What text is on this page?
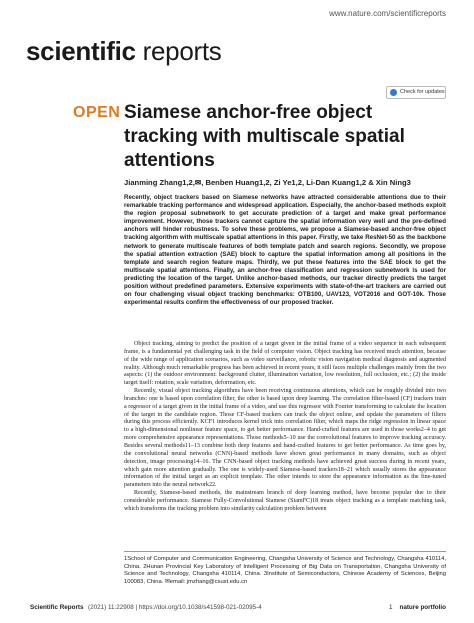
www.nature.com/scientificreports
scientific reports
Check for updates
OPEN Siamese anchor-free object tracking with multiscale spatial attentions
Jianming Zhang1,2,✉, Benben Huang1,2, Zi Ye1,2, Li-Dan Kuang1,2 & Xin Ning3
Recently, object trackers based on Siamese networks have attracted considerable attentions due to their remarkable tracking performance and widespread application. Especially, the anchor-based methods exploit the region proposal subnetwork to get accurate prediction of a target and make great performance improvement. However, those trackers cannot capture the spatial information very well and the pre-defined anchors will hinder robustness. To solve these problems, we propose a Siamese-based anchor-free object tracking algorithm with multiscale spatial attentions in this paper. Firstly, we take ResNet-50 as the backbone network to generate multiscale features of both template patch and search regions. Secondly, we propose the spatial attention extraction (SAE) block to capture the spatial information among all positions in the template and search region feature maps. Thirdly, we put these features into the SAE block to get the multiscale spatial attentions. Finally, an anchor-free classification and regression subnetwork is used for predicting the location of the target. Unlike anchor-based methods, our tracker directly predicts the target position without predefined parameters. Extensive experiments with state-of-the-art trackers are carried out on four challenging visual object tracking benchmarks: OTB100, UAV123, VOT2016 and GOT-10k. Those experimental results confirm the effectiveness of our proposed tracker.

Object tracking, aiming to predict the position of a target given in the initial frame of a video sequence in each subsequent frame, is a fundamental yet challenging task in the field of computer vision. Object tracking has received much attention, because of the wide range of application scenarios, such as video surveillance, robotic vision navigation medical diagnosis and augmented reality. Although much remarkable progress has been achieved in recent years, it still faces multiple challenges mainly from the two aspects: (1) the outdoor environment: background clutter, illumination variation, low resolution, full occlusion, etc.; (2) the inside target itself: rotation, scale variation, deformation, etc.

Recently, visual object tracking algorithms have been receiving continuous attentions, which can be roughly divided into two branches: one is based upon correlation filter, the other is based upon deep learning. The correlation filter-based (CF) trackers train a regressor of a target given in the initial frame of a video, and use this regressor with Fourier transforming to calculate the location of the target in the candidate region. Those CF-based trackers can track the object online, and update the parameters of filters during this process efficiently. KCF1 introduces kernel trick into correlation filter, which maps the ridge regression in linear space to a high-dimensional nonlinear feature space, to get better performance. Hand-crafted features are used in those works2–4 to get more comprehensive appearance representations. Those methods5–10 use the convolutional features to improve tracking accuracy. Besides several methods11–13 combine both deep features and hand-crafted features to get better performance. As time goes by, the convolutional neural networks (CNN)-based methods have shown great performance in many domains, such as object detection, image processing14–16. The CNN-based object tracking methods have achieved great success during in recent years, which gain more attention gradually. The one is widely-used Siamese-based trackers18–21 which usually stores the appearance information of the initial target as an explicit template. The other intends to store the appearance information as the fine-tuned parameters into the neural network22.

Recently, Siamese-based methods, the mainstream branch of deep learning method, have become popular due to their considerable performance. Siamese Fully-Convolutional Siamese (SiamFC)18 treats object tracking as a template matching task, which transforms the tracking problem into similarity calculation problem between

1School of Computer and Communication Engineering, Changsha University of Science and Technology, Changsha 410114, China. 2Hunan Provincial Key Laboratory of Intelligent Processing of Big Data on Transportation, Changsha University of Science and Technology, Changsha 410114, China. 3Institute of Semiconductors, Chinese Academy of Sciences, Beijing 100083, China. ✉email: jmzhang@csust.edu.cn
Scientific Reports (2021) 11:22908 | https://doi.org/10.1038/s41598-021-02095-4	1 nature portfolio
